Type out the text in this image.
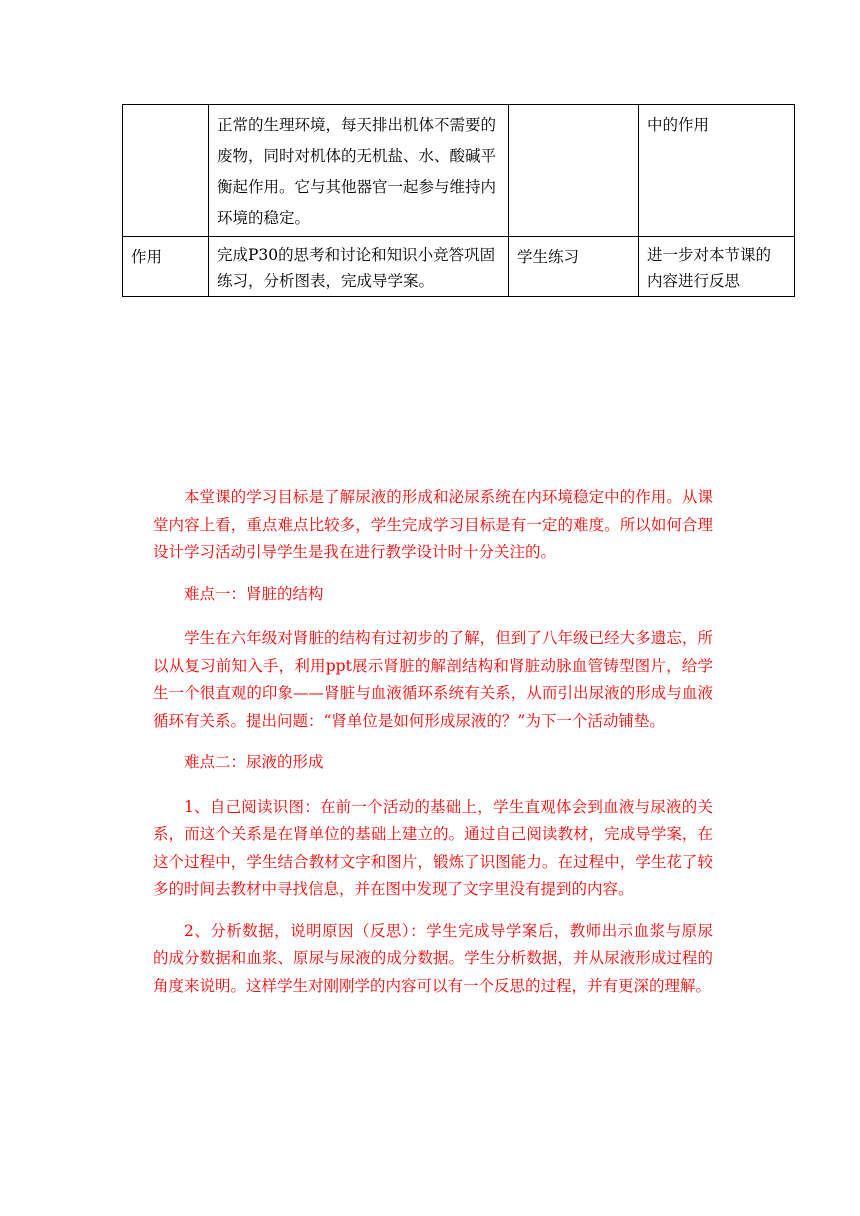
	正常的生理环境，每天排出机体不需要的废物，同时对机体的无机盐、水、酸碱平衡起作用。它与其他器官一起参与维持内环境的稳定。		中的作用
作用	完成P30的思考和讨论和知识小竞答巩固练习，分析图表，完成导学案。	学生练习	进一步对本节课的内容进行反思

本堂课的学习目标是了解尿液的形成和泌尿系统在内环境稳定中的作用。从课堂内容上看，重点难点比较多，学生完成学习目标是有一定的难度。所以如何合理设计学习活动引导学生是我在进行教学设计时十分关注的。

难点一：肾脏的结构

学生在六年级对肾脏的结构有过初步的了解，但到了八年级已经大多遗忘，所以从复习前知入手，利用ppt展示肾脏的解剖结构和肾脏动脉血管铸型图片，给学生一个很直观的印象——肾脏与血液循环系统有关系，从而引出尿液的形成与血液循环有关系。提出问题：“肾单位是如何形成尿液的？”为下一个活动铺垫。

难点二：尿液的形成

1、自己阅读识图：在前一个活动的基础上，学生直观体会到血液与尿液的关系，而这个关系是在肾单位的基础上建立的。通过自己阅读教材，完成导学案，在这个过程中，学生结合教材文字和图片，锻炼了识图能力。在过程中，学生花了较多的时间去教材中寻找信息，并在图中发现了文字里没有提到的内容。

2、分析数据，说明原因（反思）：学生完成导学案后，教师出示血浆与原尿的成分数据和血浆、原尿与尿液的成分数据。学生分析数据，并从尿液形成过程的角度来说明。这样学生对刚刚学的内容可以有一个反思的过程，并有更深的理解。
